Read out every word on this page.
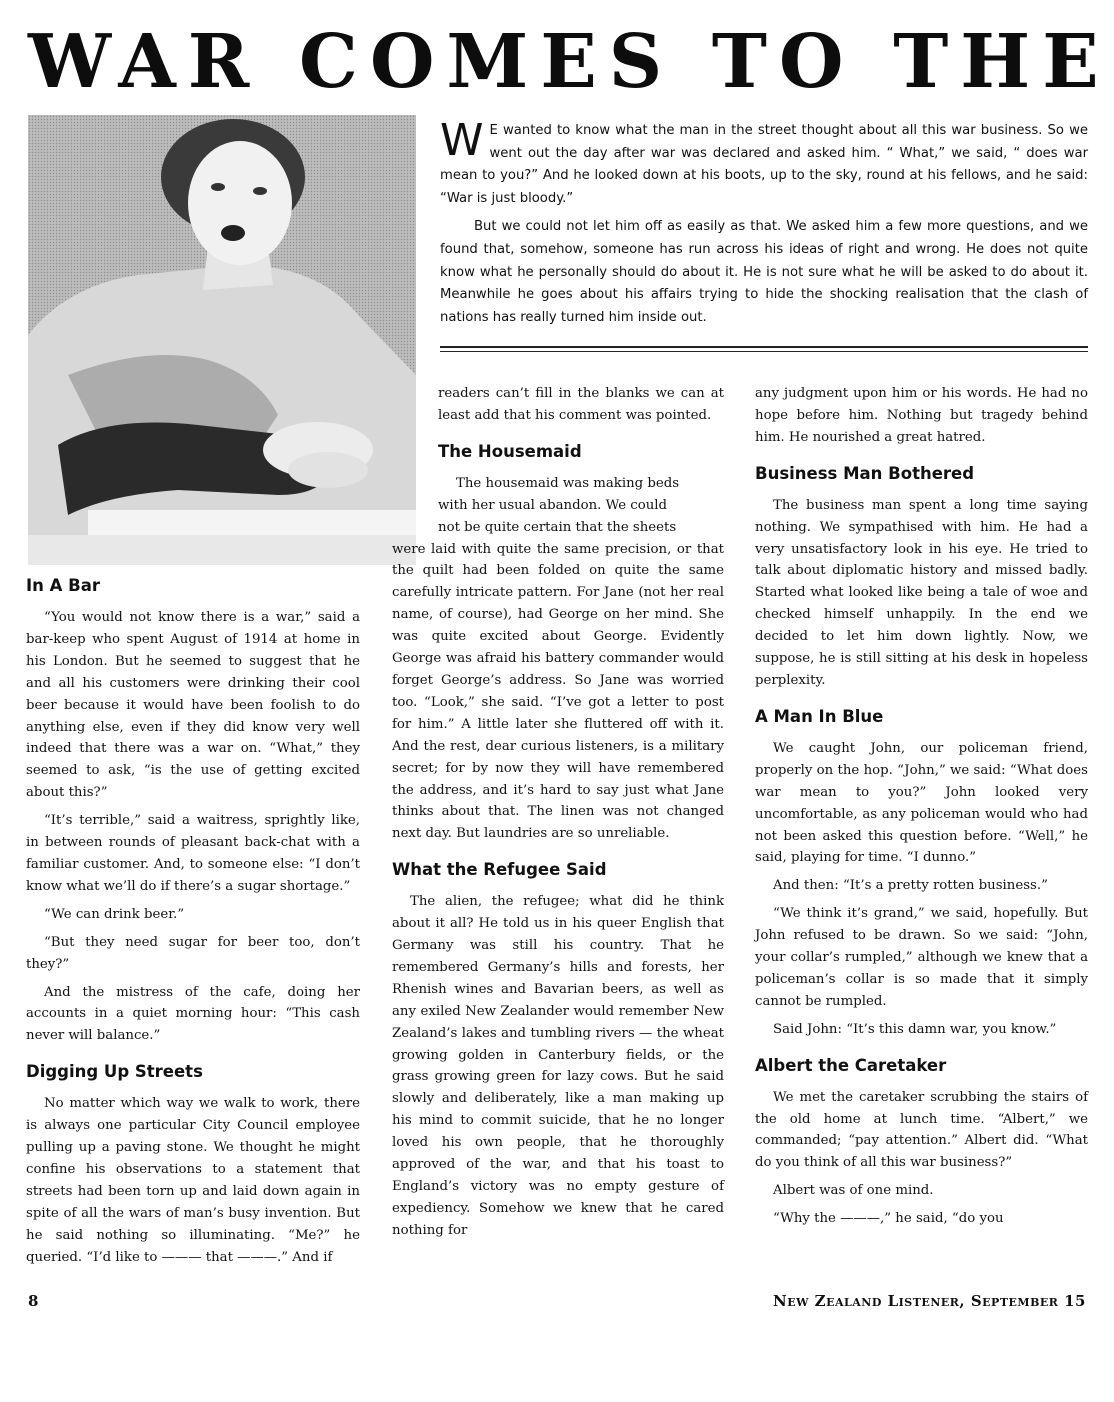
WAR COMES TO THE

W E wanted to know what the man in the street thought about all this war business. So we went out the day after war was declared and asked him. “ What,” we said, “ does war mean to you?” And he looked down at his boots, up to the sky, round at his fellows, and he said: “War is just bloody.”

But we could not let him off as easily as that. We asked him a few more questions, and we found that, somehow, someone has run across his ideas of right and wrong. He does not quite know what he personally should do about it. He is not sure what he will be asked to do about it. Meanwhile he goes about his affairs trying to hide the shocking realisation that the clash of nations has really turned him inside out.

In A Bar

“You would not know there is a war,” said a bar-keep who spent August of 1914 at home in his London. But he seemed to suggest that he and all his customers were drinking their cool beer because it would have been foolish to do anything else, even if they did know very well indeed that there was a war on. “What,” they seemed to ask, “is the use of getting excited about this?”

“It’s terrible,” said a waitress, sprightly like, in between rounds of pleasant back-chat with a familiar customer. And, to someone else: “I don’t know what we’ll do if there’s a sugar shortage.”

“We can drink beer.”

“But they need sugar for beer too, don’t they?”

And the mistress of the cafe, doing her accounts in a quiet morning hour: “This cash never will balance.”

Digging Up Streets

No matter which way we walk to work, there is always one particular City Council employee pulling up a paving stone. We thought he might confine his observations to a statement that streets had been torn up and laid down again in spite of all the wars of man’s busy invention. But he said nothing so illuminating. “Me?” he queried. “I’d like to ——— that ———.” And if

readers can’t fill in the blanks we can at least add that his comment was pointed.

The Housemaid

The housemaid was making beds

with her usual abandon. We could

not be quite certain that the sheets

were laid with quite the same precision, or that the quilt had been folded on quite the same carefully intricate pattern. For Jane (not her real name, of course), had George on her mind. She was quite excited about George. Evidently George was afraid his battery commander would forget George’s address. So Jane was worried too. “Look,” she said. “I’ve got a letter to post for him.” A little later she fluttered off with it. And the rest, dear curious listeners, is a military secret; for by now they will have remembered the address, and it’s hard to say just what Jane thinks about that. The linen was not changed next day. But laundries are so unreliable.

What the Refugee Said

The alien, the refugee; what did he think about it all? He told us in his queer English that Germany was still his country. That he remembered Germany’s hills and forests, her Rhenish wines and Bavarian beers, as well as any exiled New Zealander would remember New Zealand’s lakes and tumbling rivers — the wheat growing golden in Canterbury fields, or the grass growing green for lazy cows. But he said slowly and deliberately, like a man making up his mind to commit suicide, that he no longer loved his own people, that he thoroughly approved of the war, and that his toast to England’s victory was no empty gesture of expediency. Somehow we knew that he cared nothing for

any judgment upon him or his words. He had no hope before him. Nothing but tragedy behind him. He nourished a great hatred.

Business Man Bothered

The business man spent a long time saying nothing. We sympathised with him. He had a very unsatisfactory look in his eye. He tried to talk about diplomatic history and missed badly. Started what looked like being a tale of woe and checked himself unhappily. In the end we decided to let him down lightly. Now, we suppose, he is still sitting at his desk in hopeless perplexity.

A Man In Blue

We caught John, our policeman friend, properly on the hop. “John,” we said: “What does war mean to you?” John looked very uncomfortable, as any policeman would who had not been asked this question before. “Well,” he said, playing for time. “I dunno.”

And then: “It’s a pretty rotten business.”

“We think it’s grand,” we said, hopefully. But John refused to be drawn. So we said: “John, your collar’s rumpled,” although we knew that a policeman’s collar is so made that it simply cannot be rumpled.

Said John: “It’s this damn war, you know.”

Albert the Caretaker

We met the caretaker scrubbing the stairs of the old home at lunch time. “Albert,” we commanded; “pay attention.” Albert did. “What do you think of all this war business?”

Albert was of one mind.

“Why the ———,” he said, “do you

8	New Zealand Listener, September 15
